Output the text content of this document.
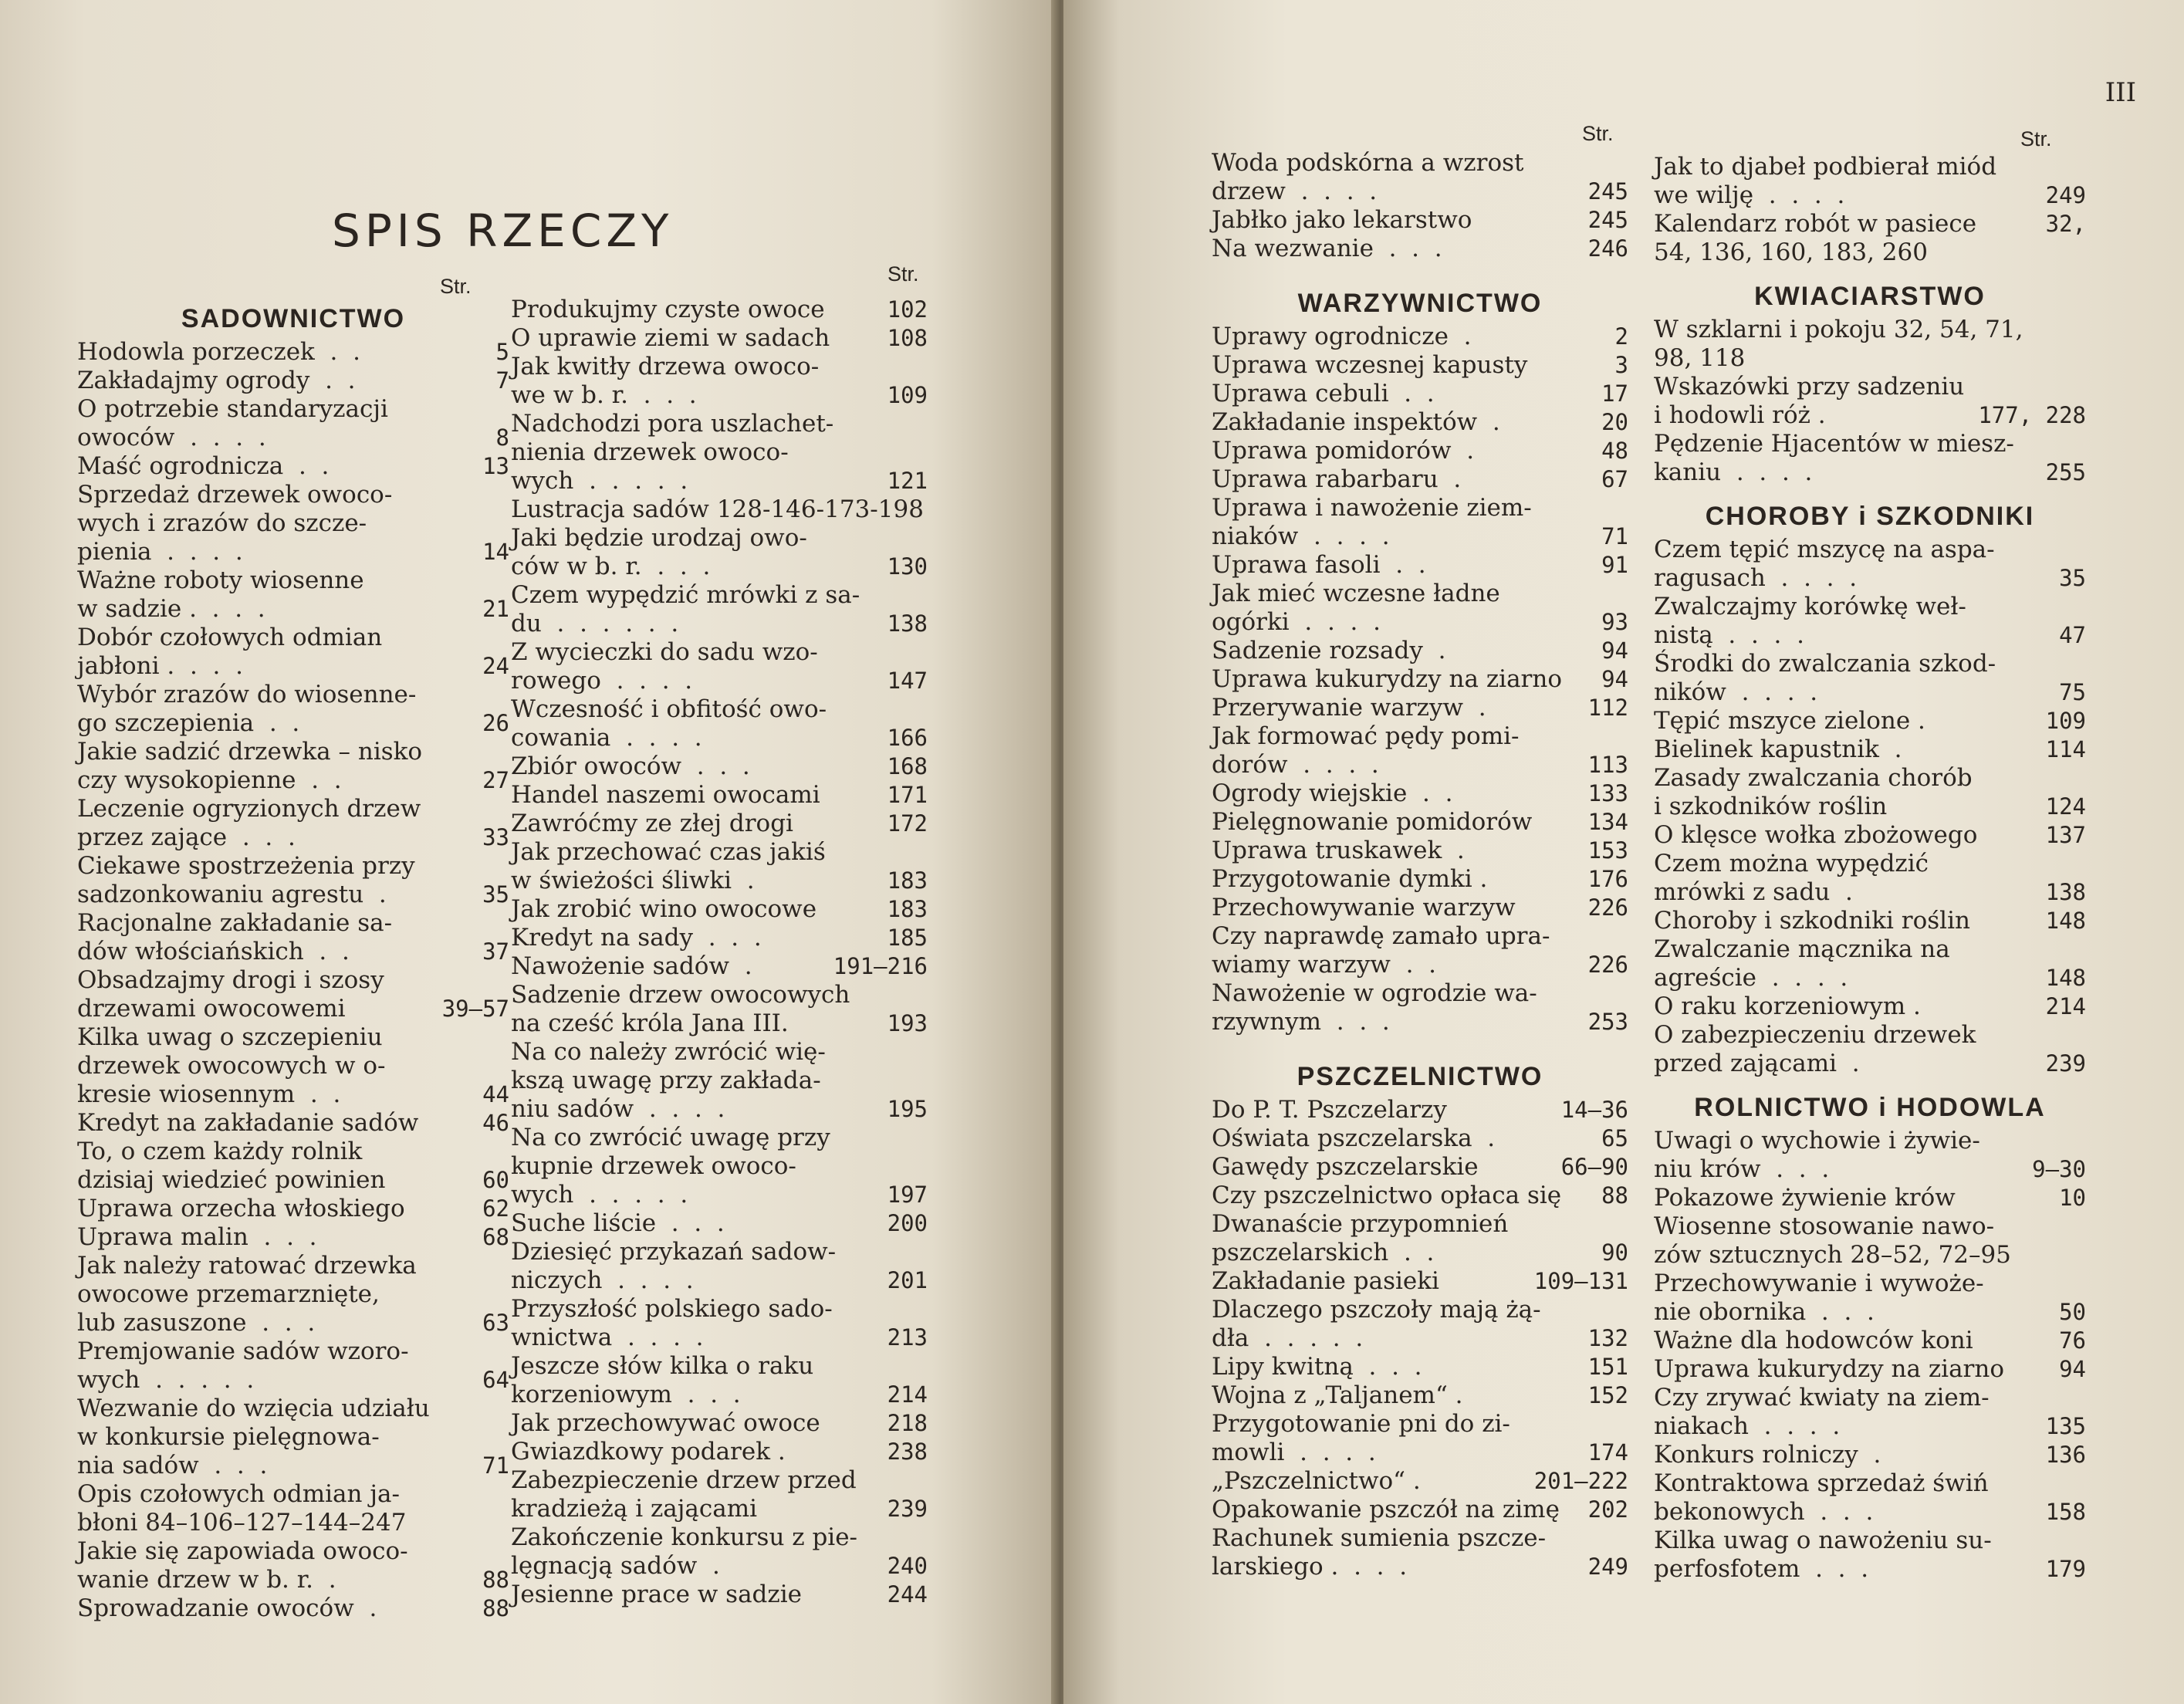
SPIS RZECZY
Str.
Str.
SADOWNICTWO
Hodowla porzeczek  .  .	5
Zakładajmy ogrody  .  .	7
O potrzebie standaryzacji
owoców  .  .  .  .	8
Maść ogrodnicza  .  .	13
Sprzedaż drzewek owoco-
wych i zrazów do szcze-
pienia  .  .  .  .	14
Ważne roboty wiosenne
w sadzie .  .  .  .	21
Dobór czołowych odmian
jabłoni .  .  .  .	24
Wybór zrazów do wiosenne-
go szczepienia  .  .	26
Jakie sadzić drzewka – nisko
czy wysokopienne  .  .	27
Leczenie ogryzionych drzew
przez zające  .  .  .	33
Ciekawe spostrzeżenia przy
sadzonkowaniu agrestu  .	35
Racjonalne zakładanie sa-
dów włościańskich  .  .	37
Obsadzajmy drogi i szosy
drzewami owocowemi	39—57
Kilka uwag o szczepieniu
drzewek owocowych w o-
kresie wiosennym  .  .	44
Kredyt na zakładanie sadów	46
To, o czem każdy rolnik
dzisiaj wiedzieć powinien	60
Uprawa orzecha włoskiego	62
Uprawa malin  .  .  .	68
Jak należy ratować drzewka
owocowe przemarznięte,
lub zasuszone  .  .  .	63
Premjowanie sadów wzoro-
wych  .  .  .  .  .	64
Wezwanie do wzięcia udziału
w konkursie pielęgnowa-
nia sadów  .  .  .	71
Opis czołowych odmian ja-
błoni 84–106–127–144–247
Jakie się zapowiada owoco-
wanie drzew w b. r.  .	88
Sprowadzanie owoców  .	88
Produkujmy czyste owoce	102
O uprawie ziemi w sadach	108
Jak kwitły drzewa owoco-
we w b. r.  .  .  .	109
Nadchodzi pora uszlachet-
nienia drzewek owoco-
wych  .  .  .  .  .	121
Lustracja sadów 128-146-173-198
Jaki będzie urodzaj owo-
ców w b. r.  .  .  .	130
Czem wypędzić mrówki z sa-
du  .  .  .  .  .  .	138
Z wycieczki do sadu wzo-
rowego  .  .  .  .	147
Wczesność i obfitość owo-
cowania  .  .  .  .	166
Zbiór owoców  .  .  .	168
Handel naszemi owocami	171
Zawróćmy ze złej drogi	172
Jak przechować czas jakiś
w świeżości śliwki  .	183
Jak zrobić wino owocowe	183
Kredyt na sady  .  .  .	185
Nawożenie sadów  .	191–216
Sadzenie drzew owocowych
na cześć króla Jana III.	193
Na co należy zwrócić wię-
kszą uwagę przy zakłada-
niu sadów  .  .  .  .	195
Na co zwrócić uwagę przy
kupnie drzewek owoco-
wych  .  .  .  .  .	197
Suche liście  .  .  .	200
Dziesięć przykazań sadow-
niczych  .  .  .  .	201
Przyszłość polskiego sado-
wnictwa  .  .  .  .	213
Jeszcze słów kilka o raku
korzeniowym  .  .  .	214
Jak przechowywać owoce	218
Gwiazdkowy podarek .	238
Zabezpieczenie drzew przed
kradzieżą i zającami	239
Zakończenie konkursu z pie-
lęgnacją sadów  .	240
Jesienne prace w sadzie	244
III
Str.	Str.
Woda podskórna a wzrost
drzew  .  .  .  .	245
Jabłko jako lekarstwo	245
Na wezwanie  .  .  .	246
WARZYWNICTWO
Uprawy ogrodnicze  .	2
Uprawa wczesnej kapusty	3
Uprawa cebuli  .  .	17
Zakładanie inspektów  .	20
Uprawa pomidorów  .	48
Uprawa rabarbaru  .	67
Uprawa i nawożenie ziem-
niaków  .  .  .  .	71
Uprawa fasoli  .  .	91
Jak mieć wczesne ładne
ogórki  .  .  .  .	93
Sadzenie rozsady  .	94
Uprawa kukurydzy na ziarno 94
Przerywanie warzyw  .	112
Jak formować pędy pomi-
dorów  .  .  .  .	113
Ogrody wiejskie  .  .	133
Pielęgnowanie pomidorów 134
Uprawa truskawek  .	153
Przygotowanie dymki .	176
Przechowywanie warzyw	226
Czy naprawdę zamało upra-
wiamy warzyw  .  .	226
Nawożenie w ogrodzie wa-
rzywnym  .  .  .	253
PSZCZELNICTWO
Do P. T. Pszczelarzy	14–36
Oświata pszczelarska  .	65
Gawędy pszczelarskie	66–90
Czy pszczelnictwo opłaca się 88
Dwanaście przypomnień
pszczelarskich  .  .	90
Zakładanie pasieki	109–131
Dlaczego pszczoły mają żą-
dła  .  .  .  .  .	132
Lipy kwitną  .  .  .	151
Wojna z „Taljanem“ .	152
Przygotowanie pni do zi-
mowli  .  .  .  .	174
„Pszczelnictwo“ .	201–222
Opakowanie pszczół na zimę 202
Rachunek sumienia pszcze-
larskiego .  .  .  .	249
Jak to djabeł podbierał miód
we wilję  .  .  .  .	249
Kalendarz robót w pasiece	32,
54, 136, 160, 183, 260
KWIACIARSTWO
W szklarni i pokoju 32, 54, 71,
98, 118
Wskazówki przy sadzeniu
i hodowli róż .	177, 228
Pędzenie Hjacentów w miesz-
kaniu  .  .  .  .	255
CHOROBY i SZKODNIKI
Czem tępić mszycę na aspa-
ragusach  .  .  .  .	35
Zwalczajmy korówkę weł-
nistą  .  .  .  .	47
Środki do zwalczania szkod-
ników  .  .  .  .	75
Tępić mszyce zielone .	109
Bielinek kapustnik  .	114
Zasady zwalczania chorób
i szkodników roślin	124
O klęsce wołka zbożowego	137
Czem można wypędzić
mrówki z sadu  .	138
Choroby i szkodniki roślin	148
Zwalczanie mącznika na
agreście  .  .  .  .	148
O raku korzeniowym .	214
O zabezpieczeniu drzewek
przed zającami  .	239
ROLNICTWO i HODOWLA
Uwagi o wychowie i żywie-
niu krów  .  .  .	9–30
Pokazowe żywienie krów	10
Wiosenne stosowanie nawo-
zów sztucznych 28–52, 72–95
Przechowywanie i wywoże-
nie obornika  .  .  .	50
Ważne dla hodowców koni	76
Uprawa kukurydzy na ziarno 94
Czy zrywać kwiaty na ziem-
niakach  .  .  .  .	135
Konkurs rolniczy  .	136
Kontraktowa sprzedaż świń
bekonowych  .  .  .	158
Kilka uwag o nawożeniu su-
perfosfotem  .  .  .	179
